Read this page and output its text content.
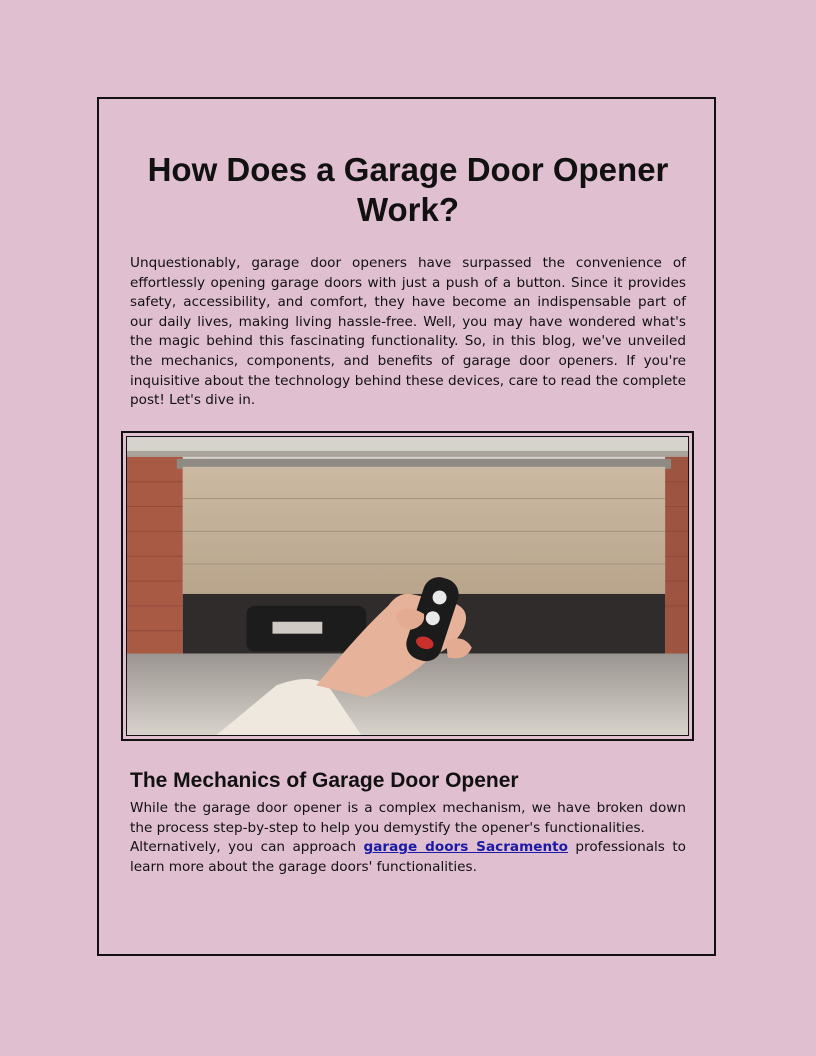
How Does a Garage Door Opener Work?

Unquestionably, garage door openers have surpassed the convenience of effortlessly opening garage doors with just a push of a button. Since it provides safety, accessibility, and comfort, they have become an indispensable part of our daily lives, making living hassle-free. Well, you may have wondered what's the magic behind this fascinating functionality. So, in this blog, we've unveiled the mechanics, components, and benefits of garage door openers. If you're inquisitive about the technology behind these devices, care to read the complete post! Let's dive in.

The Mechanics of Garage Door Opener
While the garage door opener is a complex mechanism, we have broken down the process step-by-step to help you demystify the opener's functionalities.
Alternatively, you can approach garage doors Sacramento professionals to learn more about the garage doors' functionalities.
